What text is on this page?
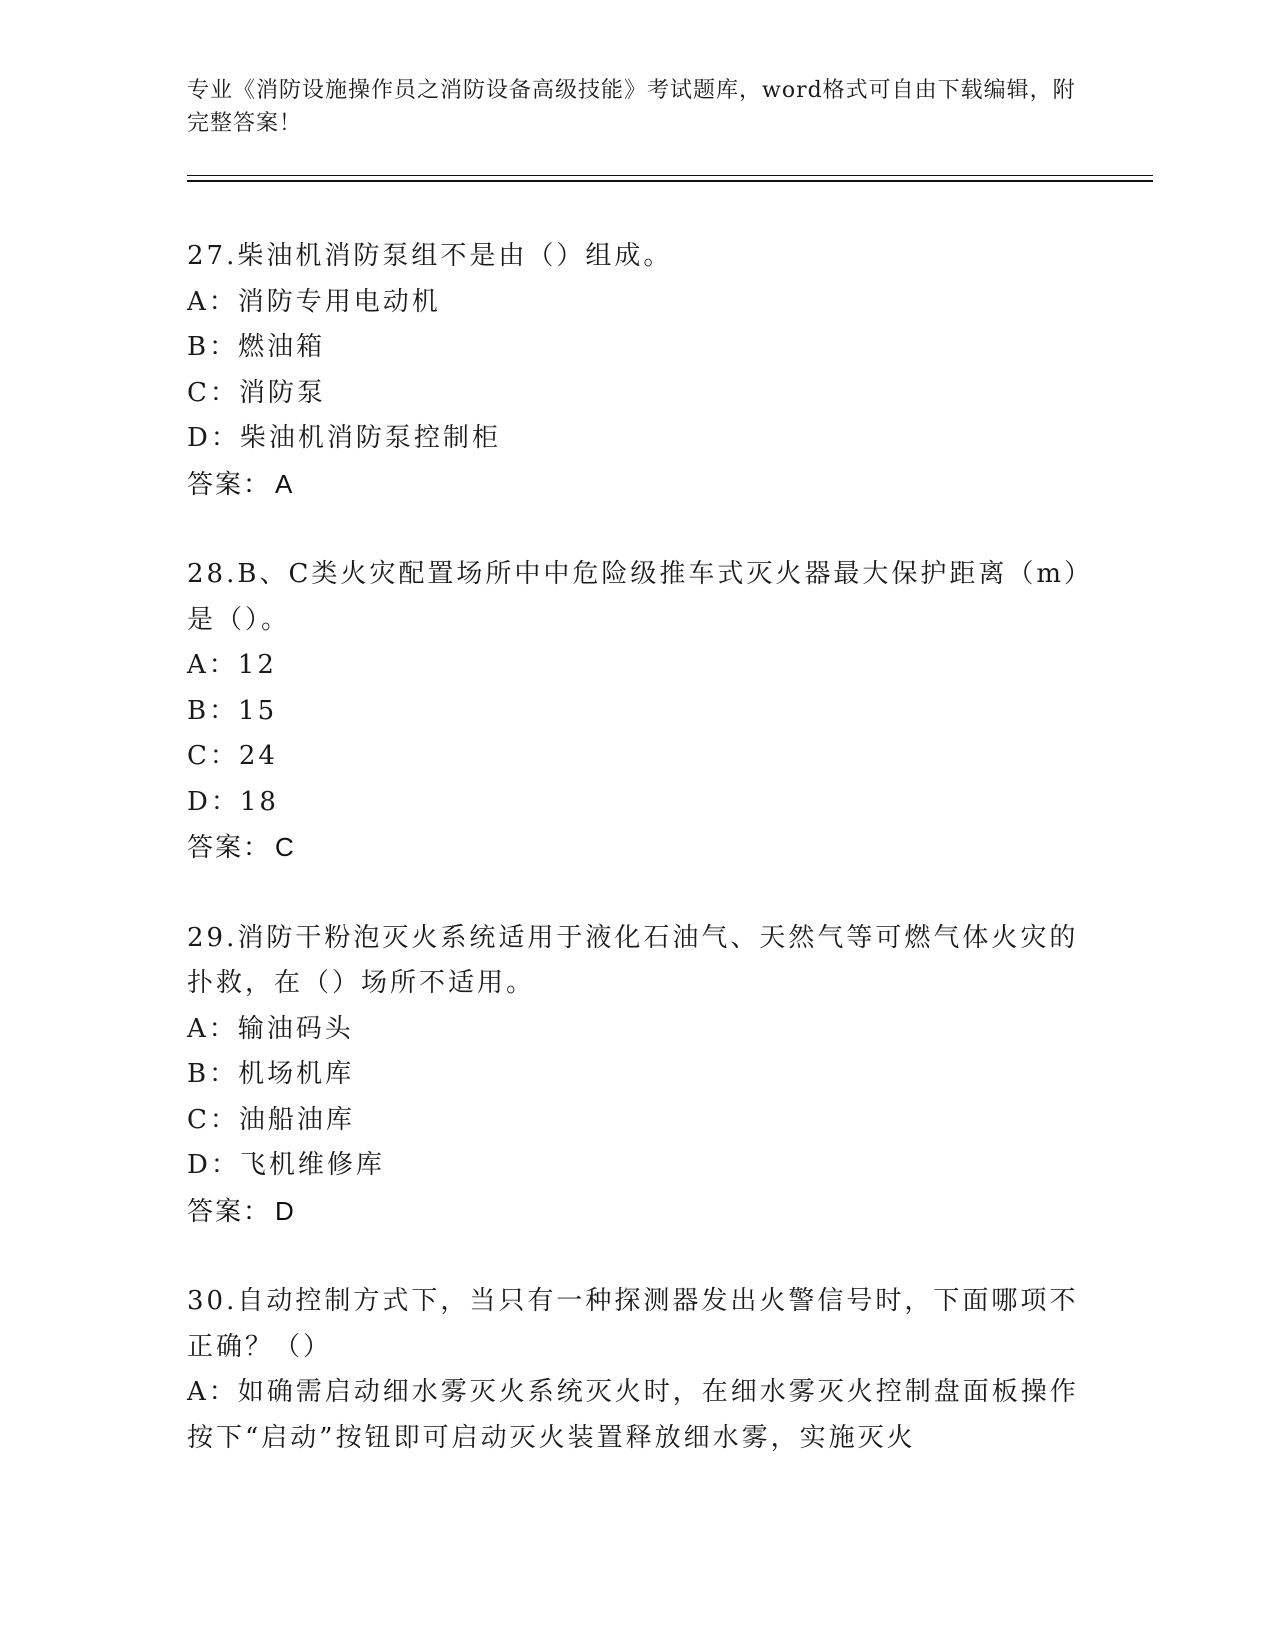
专业《消防设施操作员之消防设备高级技能》考试题库，word格式可自由下载编辑，附完整答案！

27.柴油机消防泵组不是由（）组成。

A：消防专用电动机

B：燃油箱

C：消防泵

D：柴油机消防泵控制柜

答案： A

28.B、C类火灾配置场所中中危险级推车式灭火器最大保护距离（m）是（）。

A：12

B：15

C：24

D：18

答案： C

29.消防干粉泡灭火系统适用于液化石油气、天然气等可燃气体火灾的扑救，在（）场所不适用。

A：输油码头

B：机场机库

C：油船油库

D：飞机维修库

答案： D

30.自动控制方式下，当只有一种探测器发出火警信号时，下面哪项不正确？（）

A：如确需启动细水雾灭火系统灭火时，在细水雾灭火控制盘面板操作按下“启动”按钮即可启动灭火装置释放细水雾，实施灭火
